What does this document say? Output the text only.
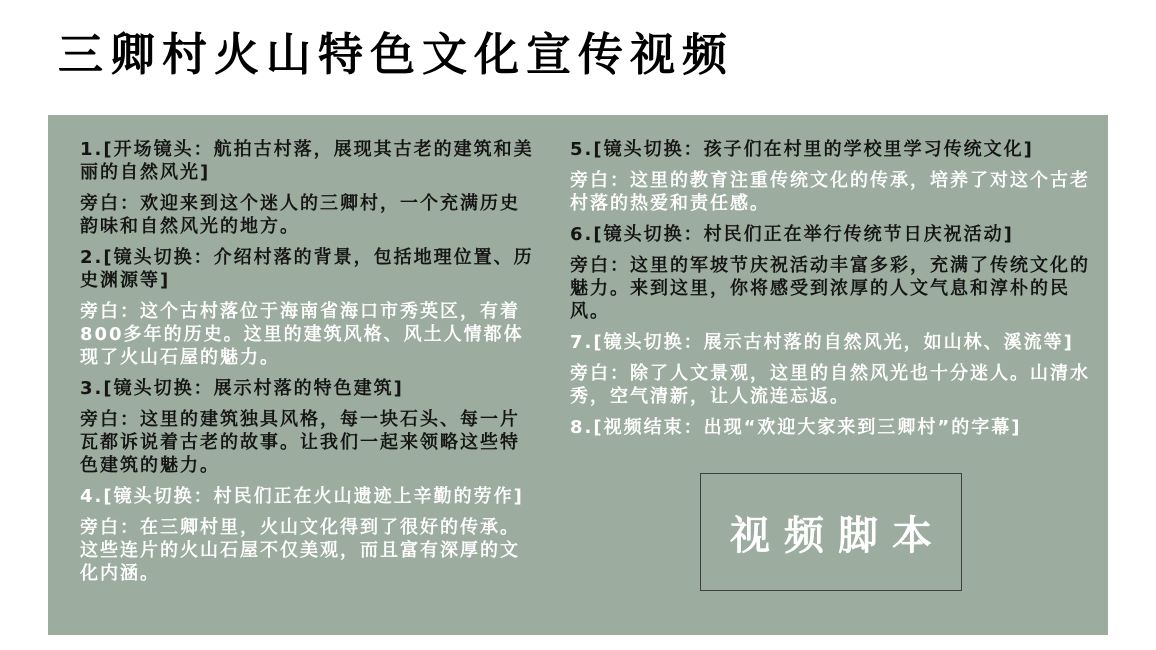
三卿村火山特色文化宣传视频

1.[开场镜头：航拍古村落，展现其古老的建筑和美丽的自然风光]

旁白：欢迎来到这个迷人的三卿村，一个充满历史韵味和自然风光的地方。

2.[镜头切换：介绍村落的背景，包括地理位置、历史渊源等]

旁白：这个古村落位于海南省海口市秀英区，有着800多年的历史。这里的建筑风格、风土人情都体现了火山石屋的魅力。

3.[镜头切换：展示村落的特色建筑]

旁白：这里的建筑独具风格，每一块石头、每一片瓦都诉说着古老的故事。让我们一起来领略这些特色建筑的魅力。

4.[镜头切换：村民们正在火山遗迹上辛勤的劳作]

旁白：在三卿村里，火山文化得到了很好的传承。这些连片的火山石屋不仅美观，而且富有深厚的文化内涵。

5.[镜头切换：孩子们在村里的学校里学习传统文化]

旁白：这里的教育注重传统文化的传承，培养了对这个古老村落的热爱和责任感。

6.[镜头切换：村民们正在举行传统节日庆祝活动]

旁白：这里的军坡节庆祝活动丰富多彩，充满了传统文化的魅力。来到这里，你将感受到浓厚的人文气息和淳朴的民风。

7.[镜头切换：展示古村落的自然风光，如山林、溪流等]

旁白：除了人文景观，这里的自然风光也十分迷人。山清水秀，空气清新，让人流连忘返。

8.[视频结束：出现“欢迎大家来到三卿村”的字幕]

视频脚本
